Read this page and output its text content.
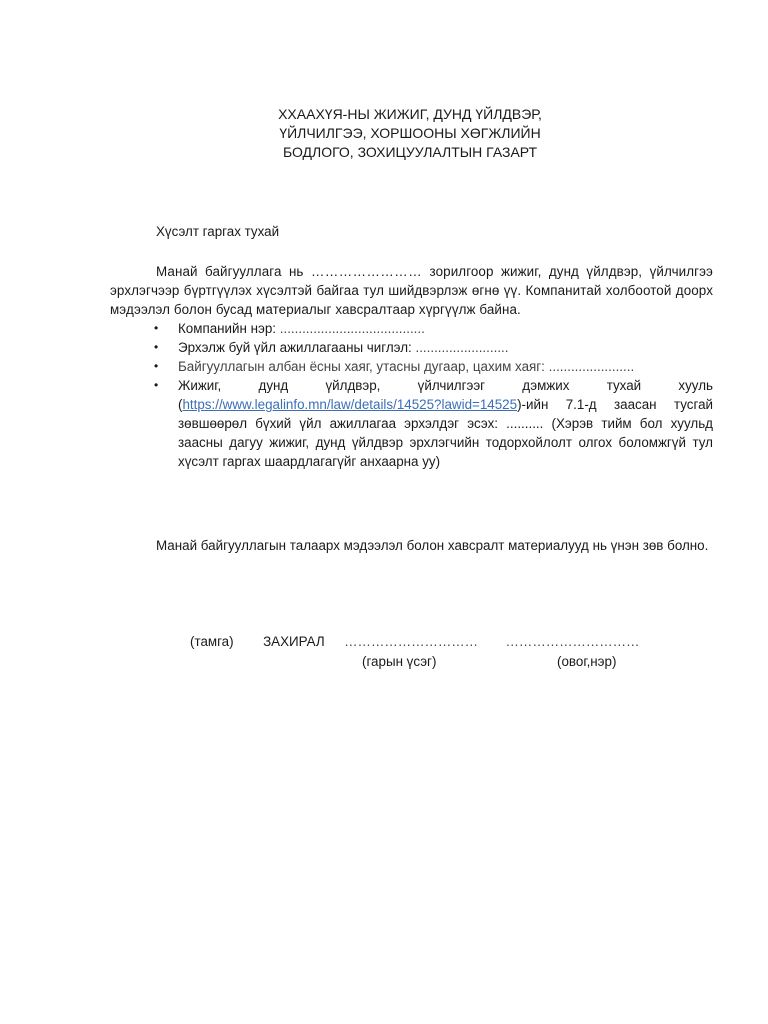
ХХААХҮЯ-НЫ ЖИЖИГ, ДУНД ҮЙЛДВЭР,
ҮЙЛЧИЛГЭЭ, ХОРШООНЫ ХӨГЖЛИЙН
БОДЛОГО, ЗОХИЦУУЛАЛТЫН ГАЗАРТ
Хүсэлт гаргах тухай

Манай байгууллага нь …………………… зорилгоор жижиг, дунд үйлдвэр, үйлчилгээ эрхлэгчээр бүртгүүлэх хүсэлтэй байгаа тул шийдвэрлэж өгнө үү. Компанитай холбоотой доорх мэдээлэл болон бусад материалыг хавсралтаар хүргүүлж байна.

• Компанийн нэр: .......................................
• Эрхэлж буй үйл ажиллагааны чиглэл: .........................
• Байгууллагын албан ёсны хаяг, утасны дугаар, цахим хаяг: .......................
• Жижиг, дунд үйлдвэр, үйлчилгээг дэмжих тухай хууль (https://www.legalinfo.mn/law/details/14525?lawid=14525)-ийн 7.1-д заасан тусгай зөвшөөрөл бүхий үйл ажиллагаа эрхэлдэг эсэх: .......... (Хэрэв тийм бол хуульд заасны дагуу жижиг, дунд үйлдвэр эрхлэгчийн тодорхойлолт олгох боломжгүй тул хүсэлт гаргах шаардлагагүйг анхаарна уу)

Манай байгууллагын талаарх мэдээлэл болон хавсралт материалууд нь үнэн зөв болно.

(тамга) ЗАХИРАЛ ………………………… …………………………
(гарын үсэг)	(овог,нэр)
